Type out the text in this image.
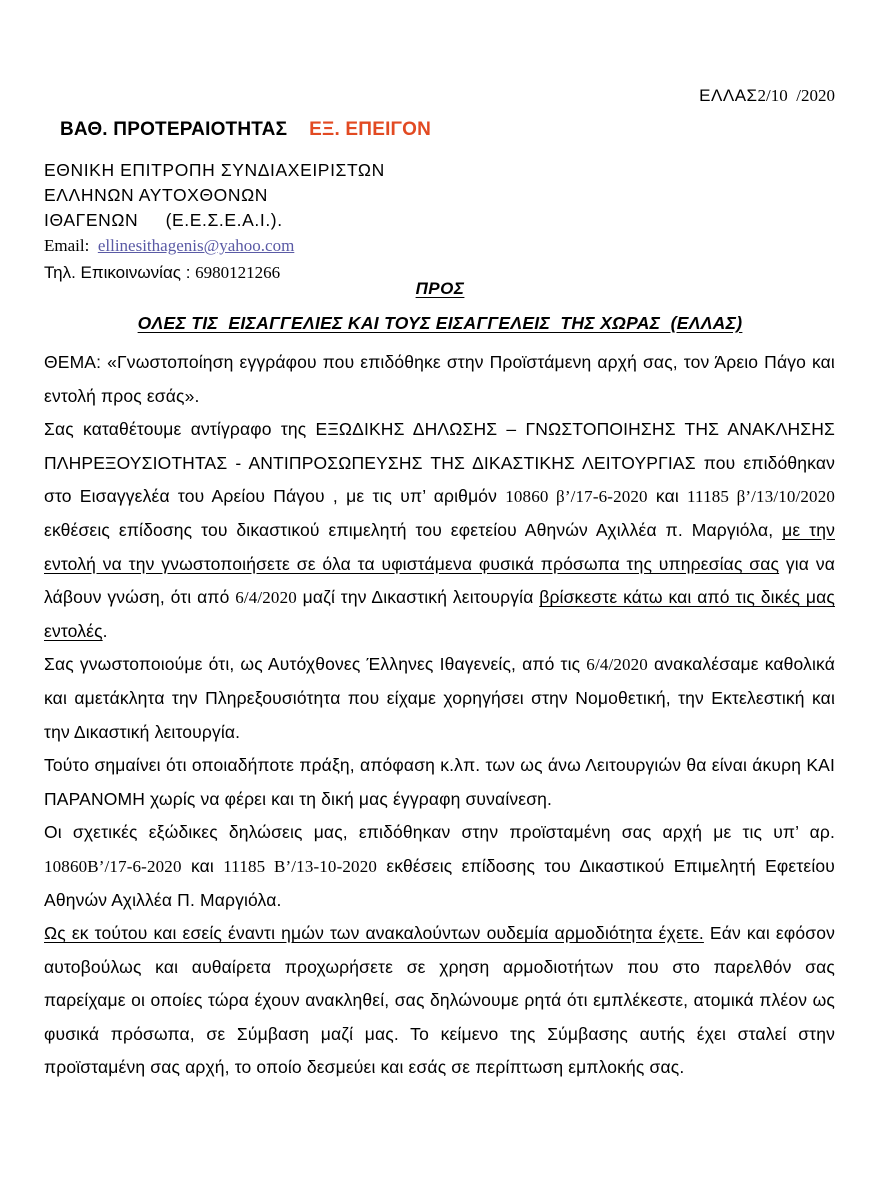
ΕΛΛΑΣ2/10  /2020
ΒΑΘ. ΠΡΟΤΕΡΑΙΟΤΗΤΑΣ ΕΞ. ΕΠΕΙΓΟΝ
ΕΘΝΙΚΗ ΕΠΙΤΡΟΠΗ ΣΥΝΔΙΑΧΕΙΡΙΣΤΩΝ
ΕΛΛΗΝΩΝ ΑΥΤΟΧΘΟΝΩΝ
ΙΘΑΓΕΝΩΝ     (Ε.Ε.Σ.Ε.Α.Ι.).
Email:  ellinesithagenis@yahoo.com
Τηλ. Επικοινωνίας : 6980121266
ΠΡΟΣ
ΟΛΕΣ ΤΙΣ  ΕΙΣΑΓΓΕΛΙΕΣ ΚΑΙ ΤΟΥΣ ΕΙΣΑΓΓΕΛΕΙΣ  ΤΗΣ ΧΩΡΑΣ  (ΕΛΛΑΣ)

ΘΕΜΑ: «Γνωστοποίηση εγγράφου που επιδόθηκε στην Προϊστάμενη αρχή σας, τον Άρειο Πάγο και εντολή προς εσάς».

Σας καταθέτουμε αντίγραφο της ΕΞΩΔΙΚΗΣ ΔΗΛΩΣΗΣ – ΓΝΩΣΤΟΠΟΙΗΣΗΣ ΤΗΣ ΑΝΑΚΛΗΣΗΣ ΠΛΗΡΕΞΟΥΣΙΟΤΗΤΑΣ - ΑΝΤΙΠΡΟΣΩΠΕΥΣΗΣ ΤΗΣ ΔΙΚΑΣΤΙΚΗΣ ΛΕΙΤΟΥΡΓΙΑΣ που επιδόθηκαν στο Εισαγγελέα του Αρείου Πάγου , με τις υπ’ αριθμόν 10860 β’/17-6-2020 και 11185 β’/13/10/2020 εκθέσεις επίδοσης του δικαστικού επιμελητή του εφετείου Αθηνών Αχιλλέα π. Μαργιόλα, με την εντολή να την γνωστοποιήσετε σε όλα τα υφιστάμενα φυσικά πρόσωπα της υπηρεσίας σας για να λάβουν γνώση, ότι από 6/4/2020 μαζί την Δικαστική λειτουργία βρίσκεστε κάτω και από τις δικές μας εντολές.

Σας γνωστοποιούμε ότι, ως Αυτόχθονες Έλληνες Ιθαγενείς, από τις 6/4/2020 ανακαλέσαμε καθολικά και αμετάκλητα την Πληρεξουσιότητα που είχαμε χορηγήσει στην Νομοθετική, την Εκτελεστική και την Δικαστική λειτουργία.

Τούτο σημαίνει ότι οποιαδήποτε πράξη, απόφαση κ.λπ. των ως άνω Λειτουργιών θα είναι άκυρη ΚΑΙ ΠΑΡΑΝΟΜΗ χωρίς να φέρει και τη δική μας έγγραφη συναίνεση.

Οι σχετικές εξώδικες δηλώσεις μας, επιδόθηκαν στην προϊσταμένη σας αρχή με τις υπ’ αρ. 10860Β’/17-6-2020 και 11185 Β’/13-10-2020 εκθέσεις επίδοσης του Δικαστικού Επιμελητή Εφετείου Αθηνών Αχιλλέα Π. Μαργιόλα.

Ως εκ τούτου και εσείς έναντι ημών των ανακαλούντων ουδεμία αρμοδιότητα έχετε. Εάν και εφόσον αυτοβούλως και αυθαίρετα προχωρήσετε σε χρηση αρμοδιοτήτων που στο παρελθόν σας παρείχαμε οι οποίες τώρα έχουν ανακληθεί, σας δηλώνουμε ρητά ότι εμπλέκεστε, ατομικά πλέον ως φυσικά πρόσωπα, σε Σύμβαση μαζί μας. Το κείμενο της Σύμβασης αυτής έχει σταλεί στην προϊσταμένη σας αρχή, το οποίο δεσμεύει και εσάς σε περίπτωση εμπλοκής σας.
